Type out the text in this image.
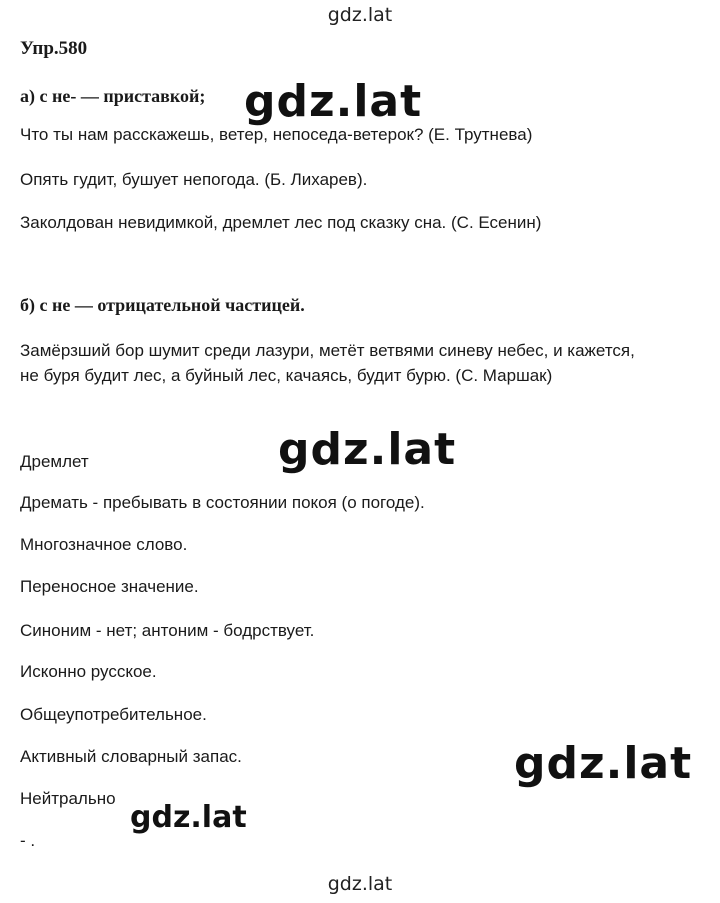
gdz.lat
Упр.580
а) с не- — приставкой; gdz.lat
Что ты нам расскажешь, ветер, непоседа-ветерок? (Е. Трутнева)
Опять гудит, бушует непогода. (Б. Лихарев).
Заколдован невидимкой, дремлет лес под сказку сна. (С. Есенин)
б) с не — отрицательной частицей.
Замёрзший бор шумит среди лазури, метёт ветвями синеву небес, и кажется,
не буря будит лес, а буйный лес, качаясь, будит бурю. (С. Маршак)
gdz.lat
Дремлет
Дремать - пребывать в состоянии покоя (о погоде).
Многозначное слово.
Переносное значение.
Синоним - нет; антоним - бодрствует.
Исконно русское.
Общеупотребительное.
Активный словарный запас.
Нейтрально
- .
gdz.lat
gdz.lat
gdz.lat
